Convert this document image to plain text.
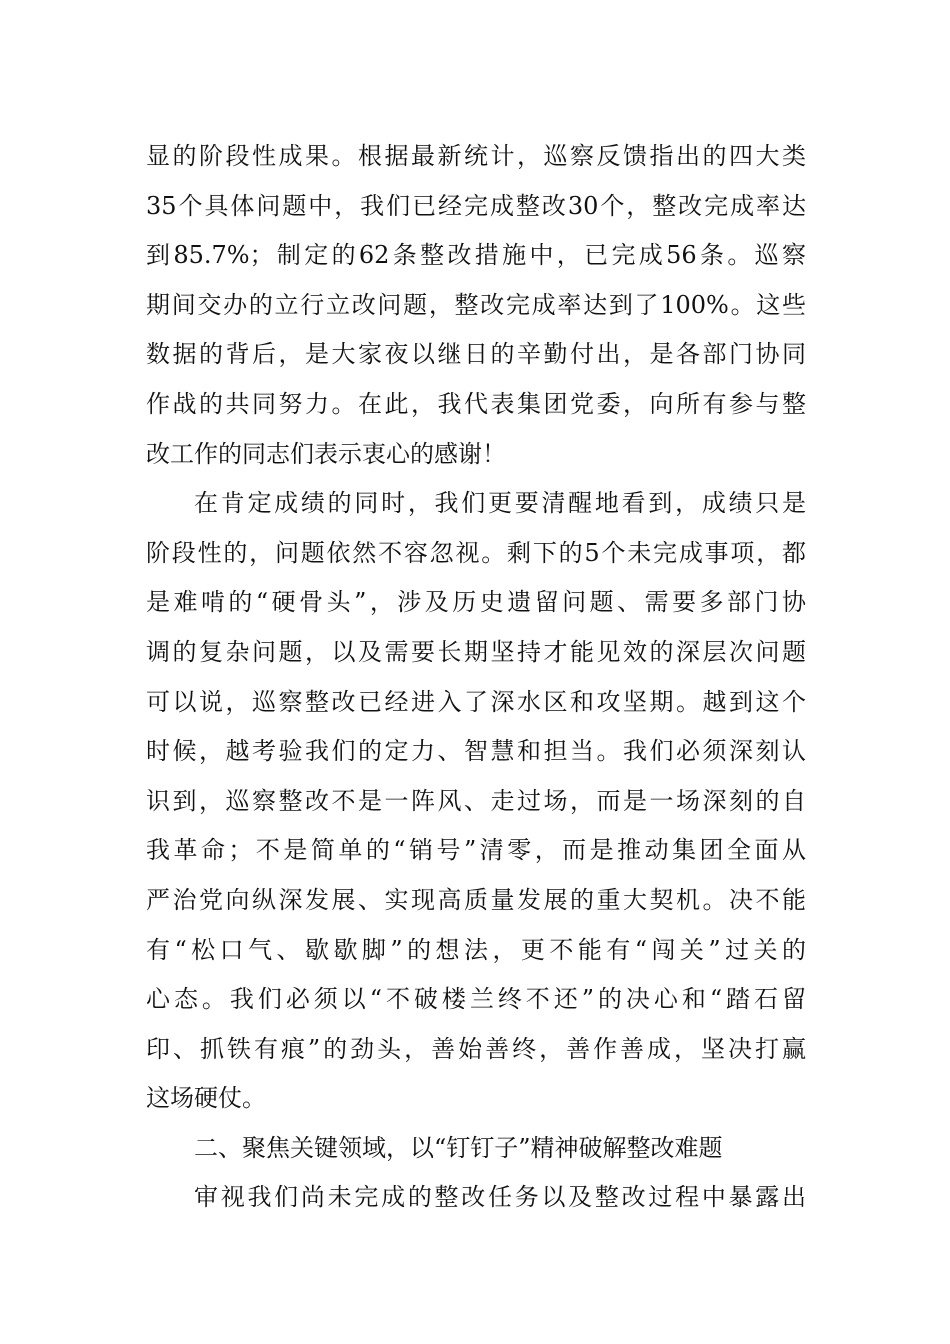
显的阶段性成果。根据最新统计，巡察反馈指出的四大类
35个具体问题中，我们已经完成整改30个，整改完成率达
到85.7%；制定的62条整改措施中，已完成56条。巡察
期间交办的立行立改问题，整改完成率达到了100%。这些
数据的背后，是大家夜以继日的辛勤付出，是各部门协同
作战的共同努力。在此，我代表集团党委，向所有参与整
改工作的同志们表示衷心的感谢！
在肯定成绩的同时，我们更要清醒地看到，成绩只是
阶段性的，问题依然不容忽视。剩下的5个未完成事项，都
是难啃的“硬骨头”，涉及历史遗留问题、需要多部门协
调的复杂问题，以及需要长期坚持才能见效的深层次问题
可以说，巡察整改已经进入了深水区和攻坚期。越到这个
时候，越考验我们的定力、智慧和担当。我们必须深刻认
识到，巡察整改不是一阵风、走过场，而是一场深刻的自
我革命；不是简单的“销号”清零，而是推动集团全面从
严治党向纵深发展、实现高质量发展的重大契机。决不能
有“松口气、歇歇脚”的想法，更不能有“闯关”过关的
心态。我们必须以“不破楼兰终不还”的决心和“踏石留
印、抓铁有痕”的劲头，善始善终，善作善成，坚决打赢
这场硬仗。
二、聚焦关键领域，以“钉钉子”精神破解整改难题
审视我们尚未完成的整改任务以及整改过程中暴露出
